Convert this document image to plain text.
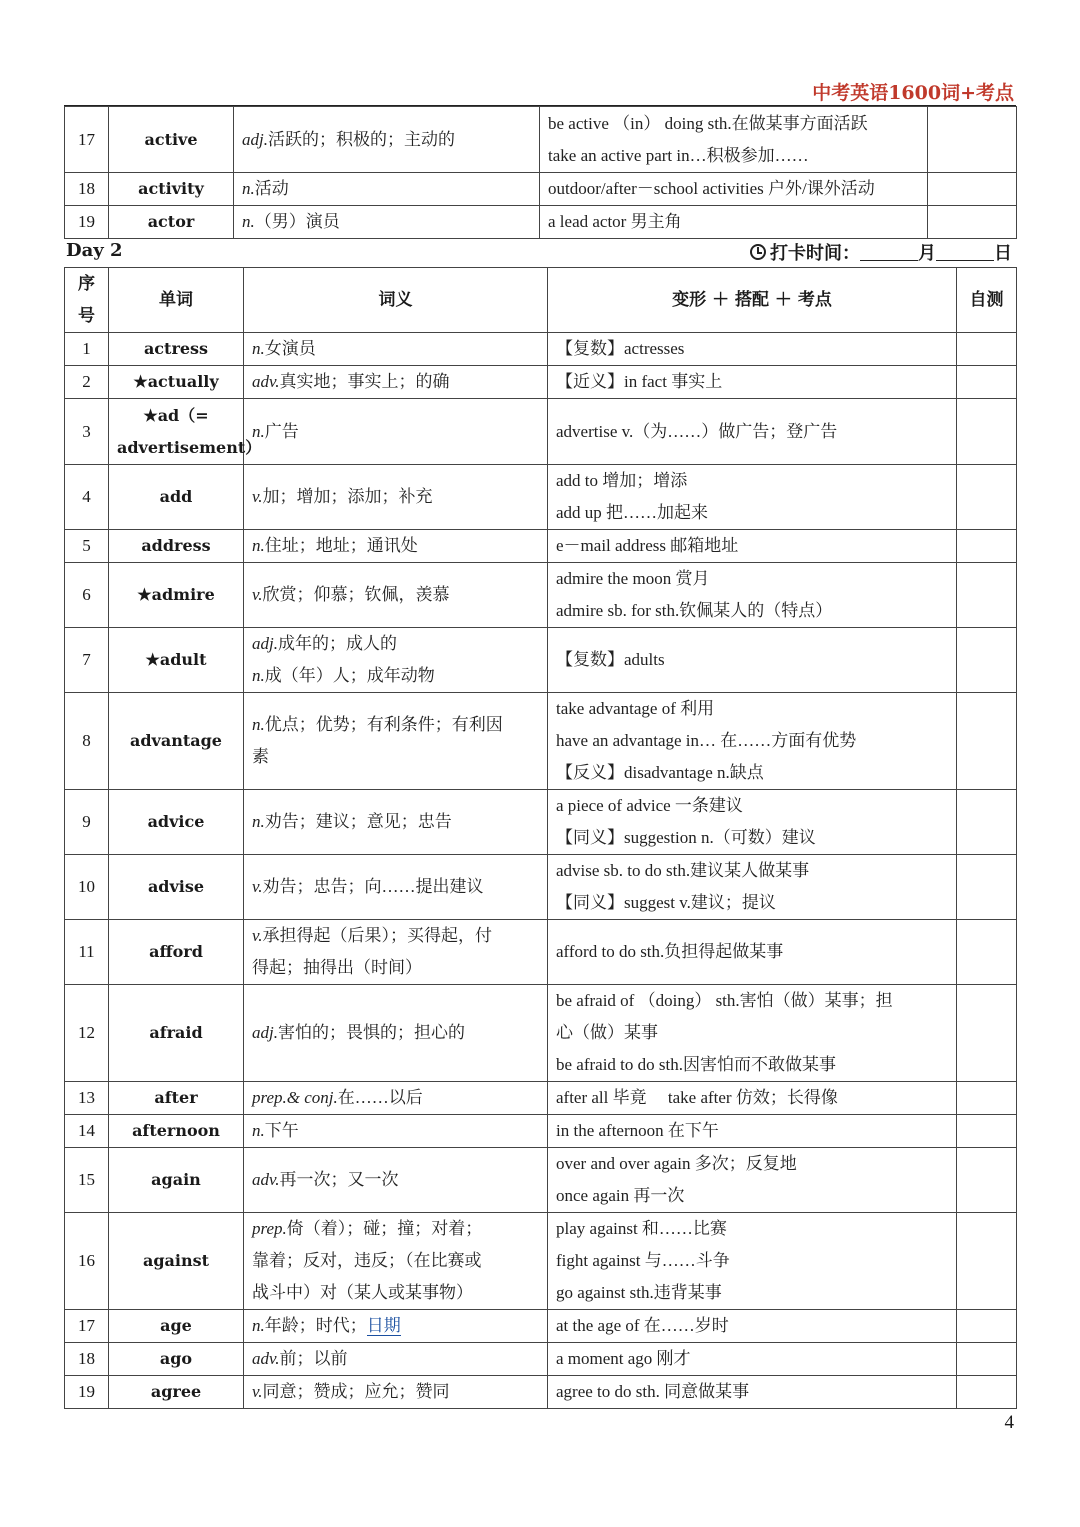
中考英语1600词+考点
17	active	adj.活跃的；积极的；主动的	be active （in） doing sth.在做某事方面活跃
take an active part in…积极参加……	

18	activity	n.活动	outdoor/after－school activities 户外/课外活动	

19	actor	n.（男）演员	a lead actor 男主角	

Day 2	打卡时间：	月	日
序号	单词	词义	变形 ＋ 搭配 ＋ 考点	自测
1	actress	n.女演员	【复数】actresses	

2	★actually	adv.真实地；事实上；的确	【近义】in fact 事实上	

3	★ad（= advertisement）	n.广告	advertise v.（为……）做广告；登广告	

4	add	v.加；增加；添加；补充	add to 增加；增添
add up 把……加起来	

5	address	n.住址；地址；通讯处	e－mail address 邮箱地址	

6	★admire	v.欣赏；仰慕；钦佩，羡慕	admire the moon 赏月
admire sb. for sth.钦佩某人的（特点）	

7	★adult	adj.成年的；成人的
n.成（年）人；成年动物	【复数】adults	

8	advantage	n.优点；优势；有利条件；有利因
素	take advantage of 利用
have an advantage in… 在……方面有优势
【反义】disadvantage n.缺点	

9	advice	n.劝告；建议；意见；忠告	a piece of advice 一条建议
【同义】suggestion n.（可数）建议	

10	advise	v.劝告；忠告；向……提出建议	advise sb. to do sth.建议某人做某事
【同义】suggest v.建议；提议	

11	afford	v.承担得起（后果）；买得起，付
得起；抽得出（时间）	afford to do sth.负担得起做某事	

12	afraid	adj.害怕的；畏惧的；担心的	be afraid of （doing） sth.害怕（做）某事；担
心（做）某事
be afraid to do sth.因害怕而不敢做某事	

13	after	prep.& conj.在……以后	after all 毕竟　 take after 仿效；长得像	

14	afternoon	n.下午	in the afternoon 在下午	

15	again	adv.再一次；又一次	over and over again 多次；反复地
once again 再一次	

16	against	prep.倚（着）；碰；撞；对着；
靠着；反对，违反；（在比赛或
战斗中）对（某人或某事物）	play against 和……比赛
fight against 与……斗争
go against sth.违背某事	

17	age	n.年龄；时代；日期	at the age of 在……岁时	

18	ago	adv.前；以前	a moment ago 刚才	

19	agree	v.同意；赞成；应允；赞同	agree to do sth. 同意做某事	

4
